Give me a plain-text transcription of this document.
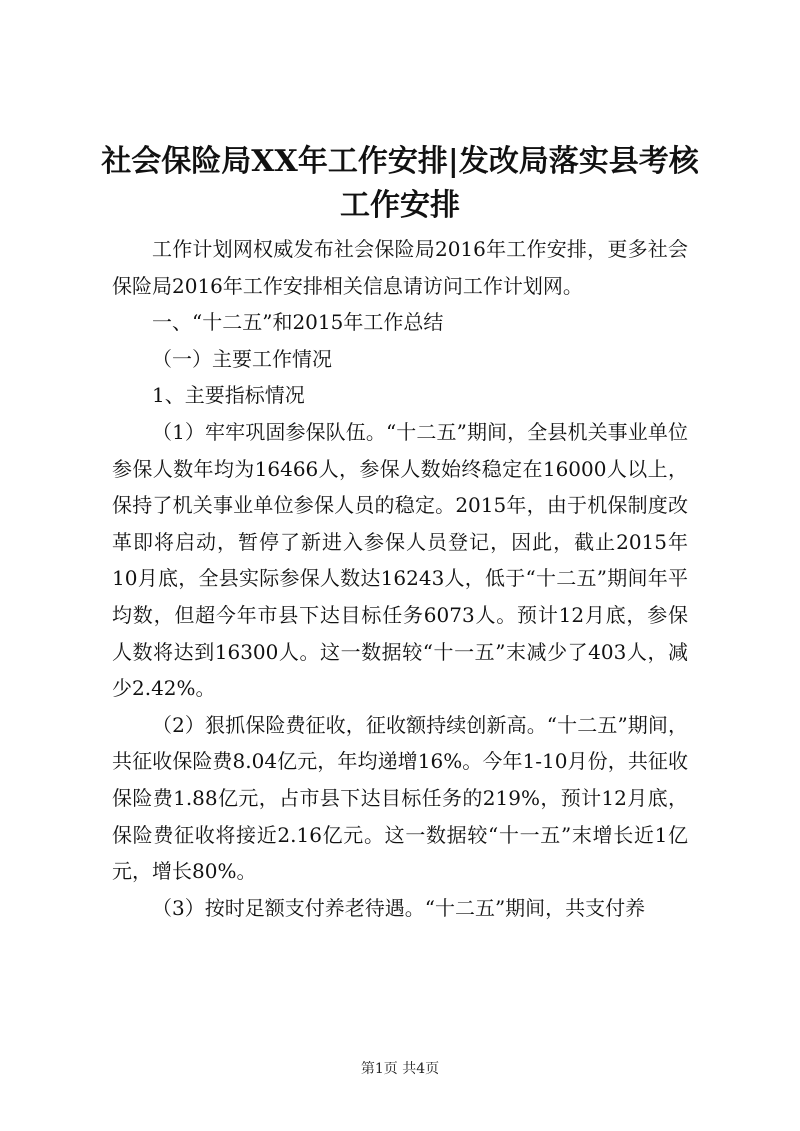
社会保险局XX年工作安排|发改局落实县考核
工作安排

工作计划网权威发布社会保险局2016年工作安排，更多社会保险局2016年工作安排相关信息请访问工作计划网。

一、“十二五”和2015年工作总结

（一）主要工作情况

1、主要指标情况

（1）牢牢巩固参保队伍。“十二五”期间，全县机关事业单位参保人数年均为16466人，参保人数始终稳定在16000人以上，保持了机关事业单位参保人员的稳定。2015年，由于机保制度改革即将启动，暂停了新进入参保人员登记，因此，截止2015年10月底，全县实际参保人数达16243人，低于“十二五”期间年平均数，但超今年市县下达目标任务6073人。预计12月底，参保人数将达到16300人。这一数据较“十一五”末减少了403人，减少2.42%。

（2）狠抓保险费征收，征收额持续创新高。“十二五”期间，共征收保险费8.04亿元，年均递增16%。今年1-10月份，共征收保险费1.88亿元，占市县下达目标任务的219%，预计12月底，保险费征收将接近2.16亿元。这一数据较“十一五”末增长近1亿元，增长80%。

（3）按时足额支付养老待遇。“十二五”期间，共支付养

第1页 共4页
